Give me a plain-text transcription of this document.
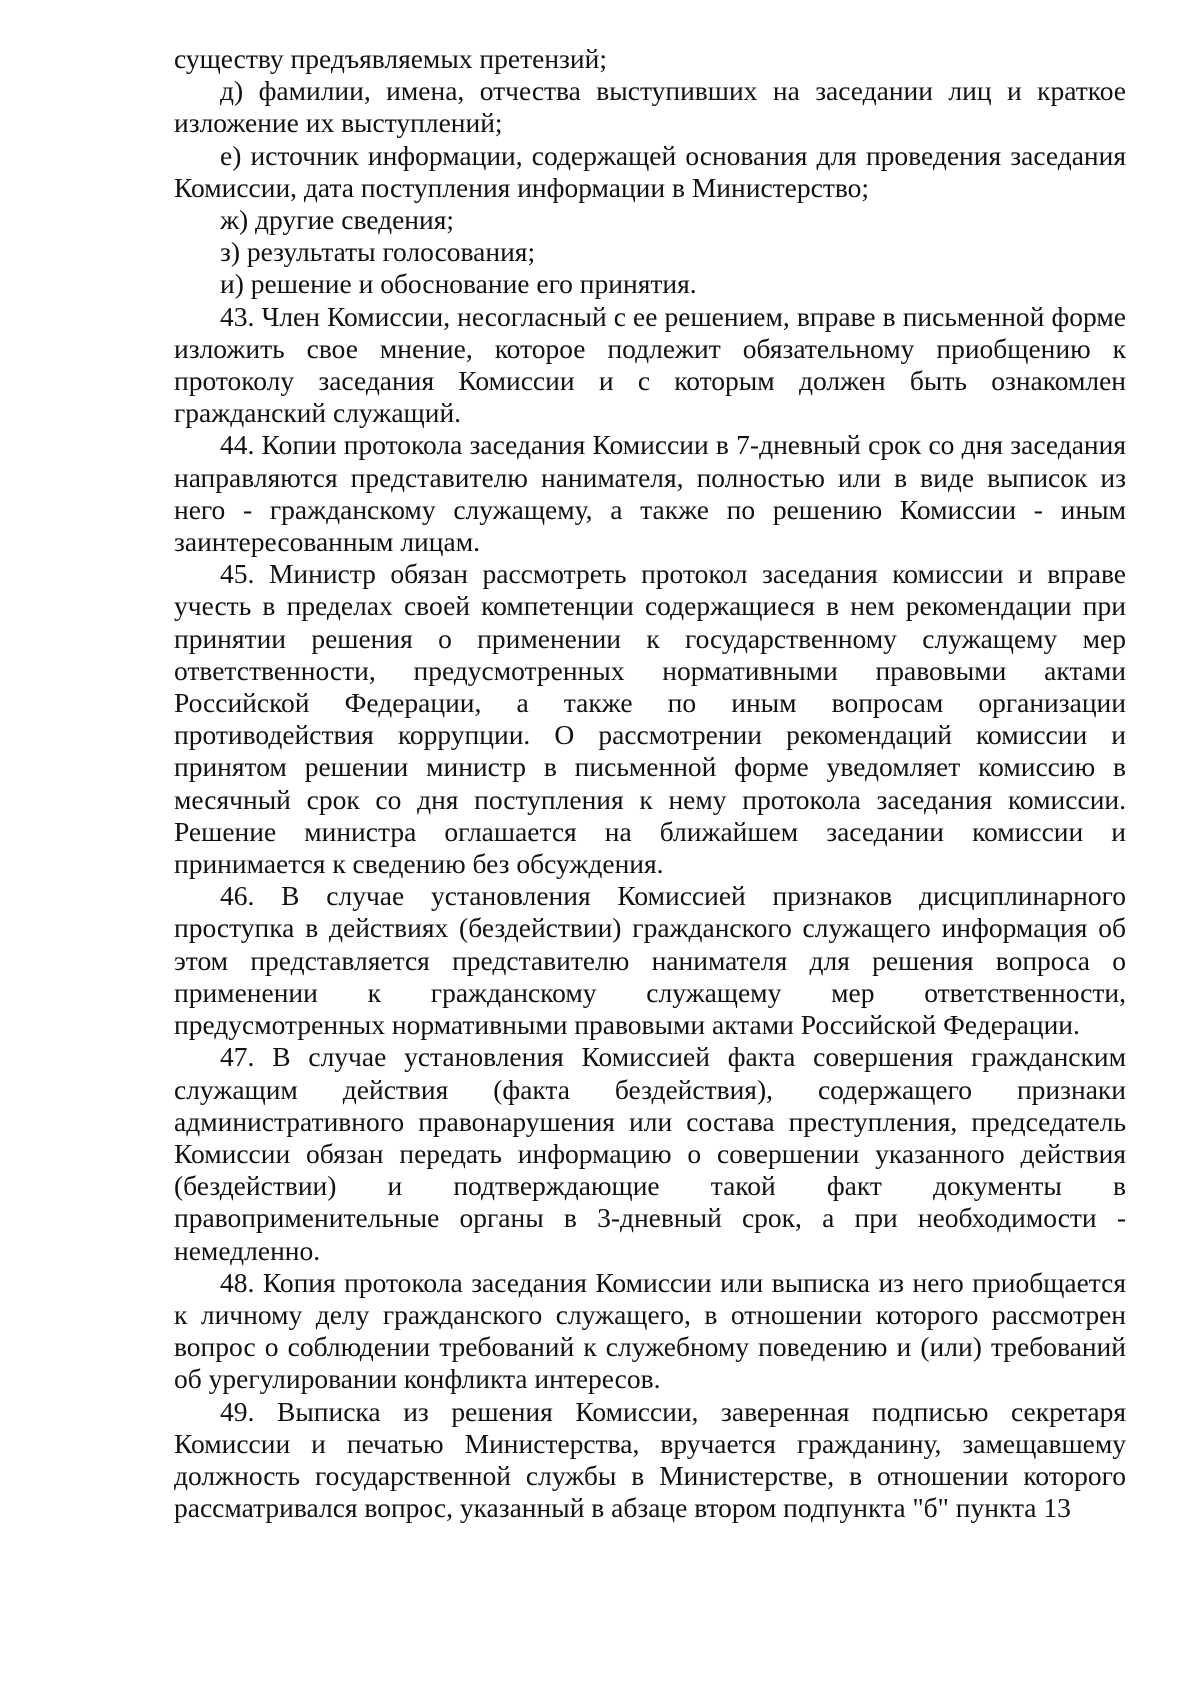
существу предъявляемых претензий;

д) фамилии, имена, отчества выступивших на заседании лиц и краткое изложение их выступлений;

е) источник информации, содержащей основания для проведения заседания Комиссии, дата поступления информации в Министерство;

ж) другие сведения;

з) результаты голосования;

и) решение и обоснование его принятия.

43. Член Комиссии, несогласный с ее решением, вправе в письменной форме изложить свое мнение, которое подлежит обязательному приобщению к протоколу заседания Комиссии и с которым должен быть ознакомлен гражданский служащий.

44. Копии протокола заседания Комиссии в 7-дневный срок со дня заседания направляются представителю нанимателя, полностью или в виде выписок из него - гражданскому служащему, а также по решению Комиссии - иным заинтересованным лицам.

45. Министр обязан рассмотреть протокол заседания комиссии и вправе учесть в пределах своей компетенции содержащиеся в нем рекомендации при принятии решения о применении к государственному служащему мер ответственности, предусмотренных нормативными правовыми актами Российской Федерации, а также по иным вопросам организации противодействия коррупции. О рассмотрении рекомендаций комиссии и принятом решении министр в письменной форме уведомляет комиссию в месячный срок со дня поступления к нему протокола заседания комиссии. Решение министра оглашается на ближайшем заседании комиссии и принимается к сведению без обсуждения.

46. В случае установления Комиссией признаков дисциплинарного проступка в действиях (бездействии) гражданского служащего информация об этом представляется представителю нанимателя для решения вопроса о применении к гражданскому служащему мер ответственности, предусмотренных нормативными правовыми актами Российской Федерации.

47. В случае установления Комиссией факта совершения гражданским служащим действия (факта бездействия), содержащего признаки административного правонарушения или состава преступления, председатель Комиссии обязан передать информацию о совершении указанного действия (бездействии) и подтверждающие такой факт документы в правоприменительные органы в 3-дневный срок, а при необходимости - немедленно.

48. Копия протокола заседания Комиссии или выписка из него приобщается к личному делу гражданского служащего, в отношении которого рассмотрен вопрос о соблюдении требований к служебному поведению и (или) требований об урегулировании конфликта интересов.

49. Выписка из решения Комиссии, заверенная подписью секретаря Комиссии и печатью Министерства, вручается гражданину, замещавшему должность государственной службы в Министерстве, в отношении которого рассматривался вопрос, указанный в абзаце втором подпункта "б" пункта 13
